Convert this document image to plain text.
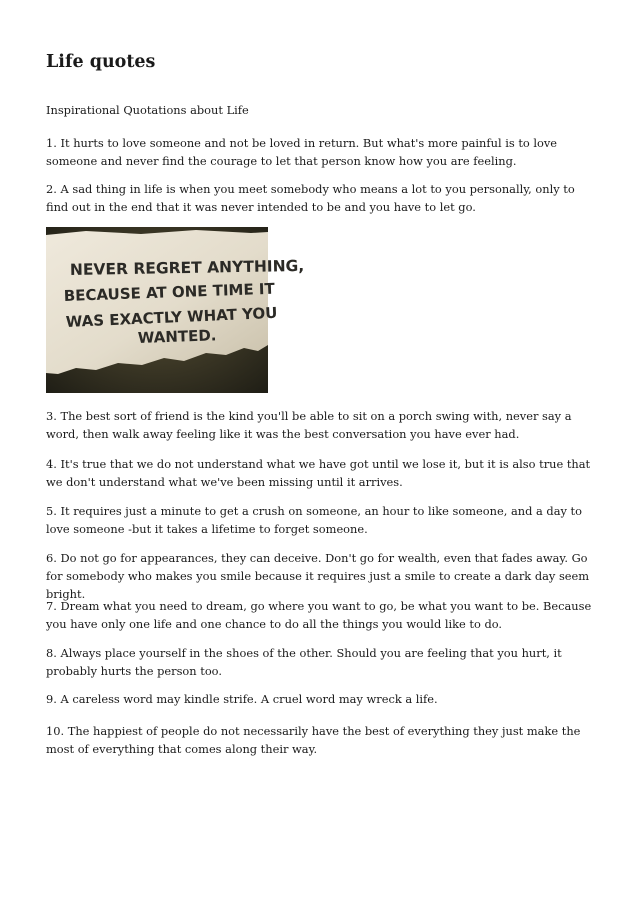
Life quotes

Inspirational Quotations about Life

1. It hurts to love someone and not be loved in return. But what's more painful is to love someone and never find the courage to let that person know how you are feeling.

2. A sad thing in life is when you meet somebody who means a lot to you personally, only to find out in the end that it was never intended to be and you have to let go.

NEVER REGRET ANYTHING,
BECAUSE AT ONE TIME IT
WAS EXACTLY WHAT YOU
WANTED.

3. The best sort of friend is the kind you'll be able to sit on a porch swing with, never say a word, then walk away feeling like it was the best conversation you have ever had.

4. It's true that we do not understand what we have got until we lose it, but it is also true that we don't understand what we've been missing until it arrives.

5. It requires just a minute to get a crush on someone, an hour to like someone, and a day to love someone -but it takes a lifetime to forget someone.

6. Do not go for appearances, they can deceive. Don't go for wealth, even that fades away. Go for somebody who makes you smile because it requires just a smile to create a dark day seem bright.

7. Dream what you need to dream, go where you want to go, be what you want to be. Because you have only one life and one chance to do all the things you would like to do.

8. Always place yourself in the shoes of the other. Should you are feeling that you hurt, it probably hurts the person too.

9. A careless word may kindle strife. A cruel word may wreck a life.

10. The happiest of people do not necessarily have the best of everything they just make the most of everything that comes along their way.
